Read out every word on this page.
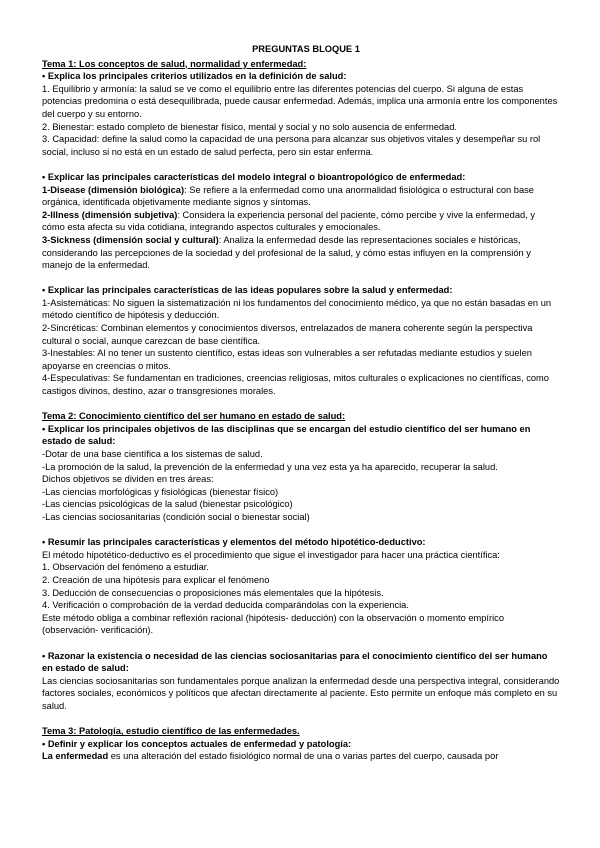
PREGUNTAS BLOQUE 1
Tema 1: Los conceptos de salud, normalidad y enfermedad:
• Explica los principales criterios utilizados en la definición de salud:
1. Equilibrio y armonía: la salud se ve como el equilibrio entre las diferentes potencias del cuerpo. Si alguna de estas potencias predomina o está desequilibrada, puede causar enfermedad. Además, implica una armonía entre los componentes del cuerpo y su entorno.
2. Bienestar: estado completo de bienestar físico, mental y social y no solo ausencia de enfermedad.
3. Capacidad: define la salud como la capacidad de una persona para alcanzar sus objetivos vitales y desempeñar su rol social, incluso si no está en un estado de salud perfecta, pero sin estar enferma.
• Explicar las principales características del modelo integral o bioantropológico de enfermedad:
1-Disease (dimensión biológica): Se refiere a la enfermedad como una anormalidad fisiológica o estructural con base orgánica, identificada objetivamente mediante signos y síntomas.
2-Illness (dimensión subjetiva): Considera la experiencia personal del paciente, cómo percibe y vive la enfermedad, y cómo esta afecta su vida cotidiana, integrando aspectos culturales y emocionales.
3-Sickness (dimensión social y cultural): Analiza la enfermedad desde las representaciones sociales e históricas, considerando las percepciones de la sociedad y del profesional de la salud, y cómo estas influyen en la comprensión y manejo de la enfermedad.
• Explicar las principales características de las ideas populares sobre la salud y enfermedad:
1-Asistemáticas: No siguen la sistematización ni los fundamentos del conocimiento médico, ya que no están basadas en un método científico de hipótesis y deducción.
2-Sincréticas: Combinan elementos y conocimientos diversos, entrelazados de manera coherente según la perspectiva cultural o social, aunque carezcan de base científica.
3-Inestables: Al no tener un sustento científico, estas ideas son vulnerables a ser refutadas mediante estudios y suelen apoyarse en creencias o mitos.
4-Especulativas: Se fundamentan en tradiciones, creencias religiosas, mitos culturales o explicaciones no científicas, como castigos divinos, destino, azar o transgresiones morales.
Tema 2: Conocimiento científico del ser humano en estado de salud:
• Explicar los principales objetivos de las disciplinas que se encargan del estudio científico del ser humano en estado de salud:
-Dotar de una base científica a los sistemas de salud.
-La promoción de la salud, la prevención de la enfermedad y una vez esta ya ha aparecido, recuperar la salud.
Dichos objetivos se dividen en tres áreas:
-Las ciencias morfológicas y fisiológicas (bienestar físico)
-Las ciencias psicológicas de la salud (bienestar psicológico)
-Las ciencias sociosanitarias (condición social o bienestar social)
• Resumir las principales características y elementos del método hipotético-deductivo:
El método hipotético-deductivo es el procedimiento que sigue el investigador para hacer una práctica científica:
1. Observación del fenómeno a estudiar.
2. Creación de una hipótesis para explicar el fenómeno
3. Deducción de consecuencias o proposiciones más elementales que la hipótesis.
4. Verificación o comprobación de la verdad deducida comparándolas con la experiencia.
Este método obliga a combinar reflexión racional (hipótesis- deducción) con la observación o momento empírico (observación- verificación).
• Razonar la existencia o necesidad de las ciencias sociosanitarias para el conocimiento científico del ser humano en estado de salud:
Las ciencias sociosanitarias son fundamentales porque analizan la enfermedad desde una perspectiva integral, considerando factores sociales, económicos y políticos que afectan directamente al paciente. Esto permite un enfoque más completo en su salud.
Tema 3: Patología, estudio científico de las enfermedades.
• Definir y explicar los conceptos actuales de enfermedad y patología:
La enfermedad es una alteración del estado fisiológico normal de una o varias partes del cuerpo, causada por
